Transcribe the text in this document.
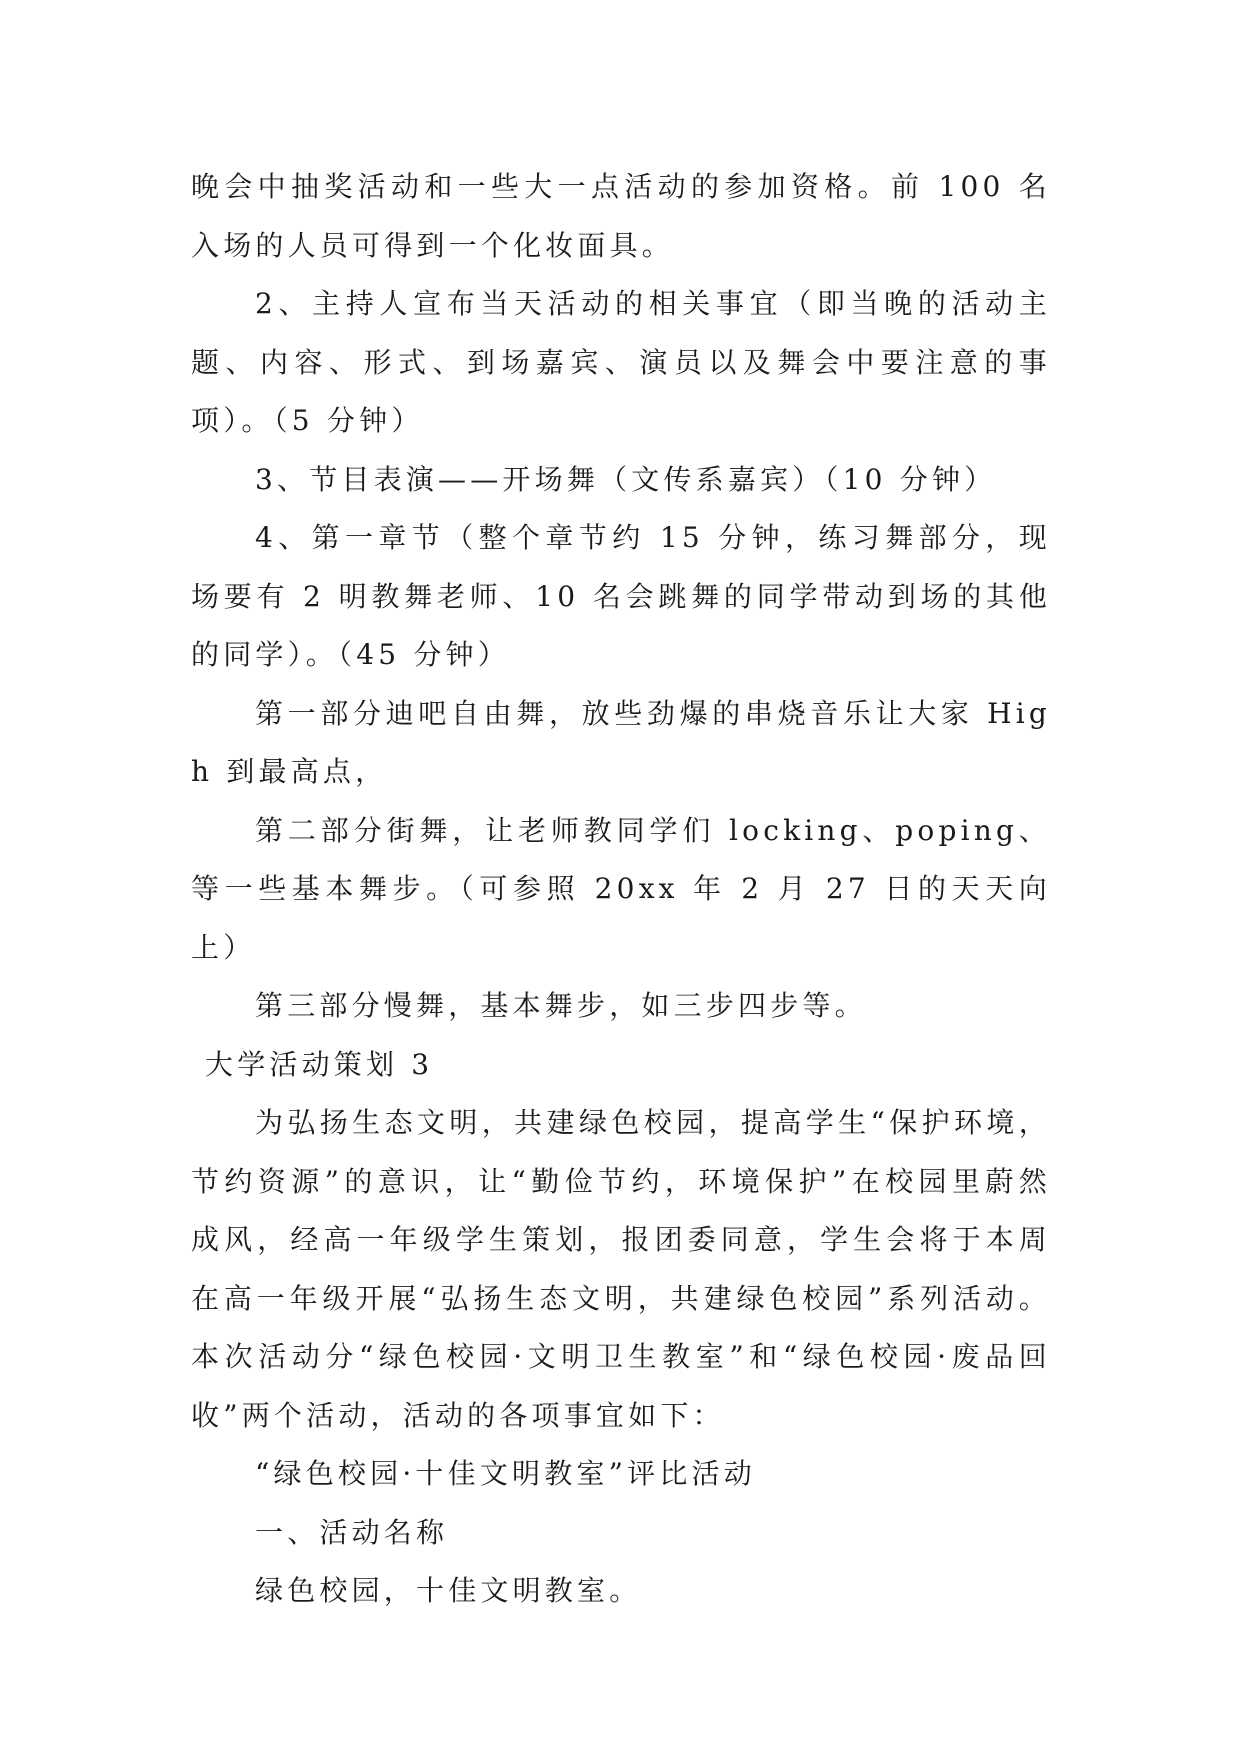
晚会中抽奖活动和一些大一点活动的参加资格。前 100 名入场的人员可得到一个化妆面具。

2、主持人宣布当天活动的相关事宜（即当晚的活动主题、内容、形式、到场嘉宾、演员以及舞会中要注意的事项）。（5 分钟）

3、节目表演——开场舞（文传系嘉宾）（10 分钟）

4、第一章节（整个章节约 15 分钟，练习舞部分，现场要有 2 明教舞老师、10 名会跳舞的同学带动到场的其他的同学）。（45 分钟）

第一部分迪吧自由舞，放些劲爆的串烧音乐让大家 High 到最高点，

第二部分街舞，让老师教同学们 locking、poping、等一些基本舞步。（可参照 20xx 年 2 月 27 日的天天向上）

第三部分慢舞，基本舞步，如三步四步等。

大学活动策划 3

为弘扬生态文明，共建绿色校园，提高学生“保护环境，节约资源”的意识，让“勤俭节约，环境保护”在校园里蔚然成风，经高一年级学生策划，报团委同意，学生会将于本周在高一年级开展“弘扬生态文明，共建绿色校园”系列活动。本次活动分“绿色校园·文明卫生教室”和“绿色校园·废品回收”两个活动，活动的各项事宜如下：

“绿色校园·十佳文明教室”评比活动

一、活动名称

绿色校园，十佳文明教室。
